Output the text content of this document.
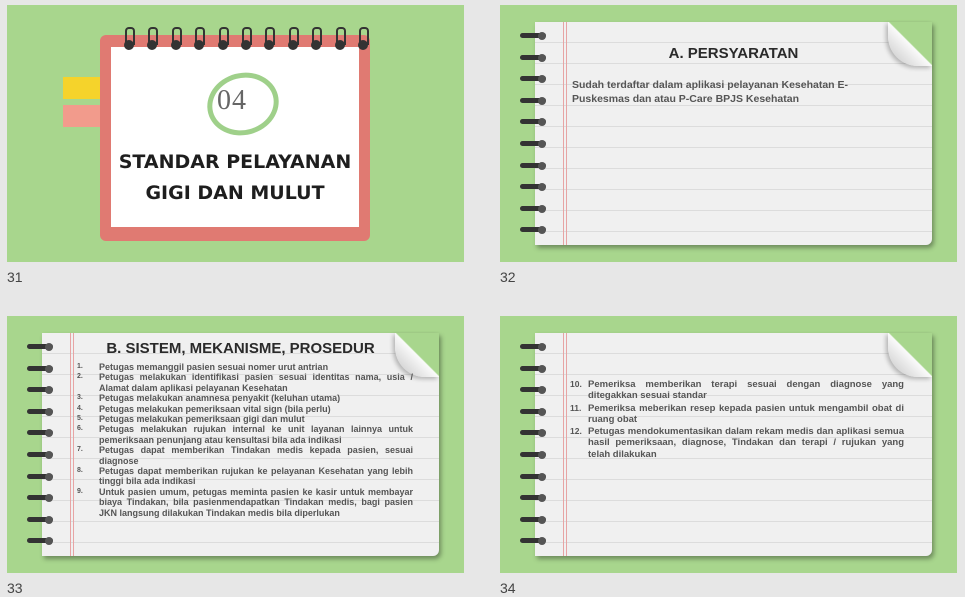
04
STANDAR PELAYANAN
GIGI DAN MULUT
31
A. PERSYARATAN
Sudah terdaftar dalam aplikasi pelayanan Kesehatan E-Puskesmas dan atau P-Care BPJS Kesehatan
32
B. SISTEM, MEKANISME, PROSEDUR
1. Petugas memanggil pasien sesuai nomer urut antrian
2. Petugas melakukan identifikasi pasien sesuai identitas nama, usia / Alamat dalam aplikasi pelayanan Kesehatan
3. Petugas melakukan anamnesa penyakit (keluhan utama)
4. Petugas melakukan pemeriksaan vital sign (bila perlu)
5. Petugas melakukan pemeriksaan gigi dan mulut
6. Petugas melakukan rujukan internal ke unit layanan lainnya untuk pemeriksaan penunjang atau kensultasi bila ada indikasi
7. Petugas dapat memberikan Tindakan medis kepada pasien, sesuai diagnose
8. Petugas dapat memberikan rujukan ke pelayanan Kesehatan yang lebih tinggi bila ada indikasi
9. Untuk pasien umum, petugas meminta pasien ke kasir untuk membayar biaya Tindakan, bila pasienmendapatkan Tindakan medis, bagi pasien JKN langsung dilakukan Tindakan medis bila diperlukan
33
10. Pemeriksa memberikan terapi sesuai dengan diagnose yang ditegakkan sesuai standar
11. Pemeriksa meberikan resep kepada pasien untuk mengambil obat di ruang obat
12. Petugas mendokumentasikan dalam rekam medis dan aplikasi semua hasil pemeriksaan, diagnose, Tindakan dan terapi / rujukan yang telah dilakukan
34
